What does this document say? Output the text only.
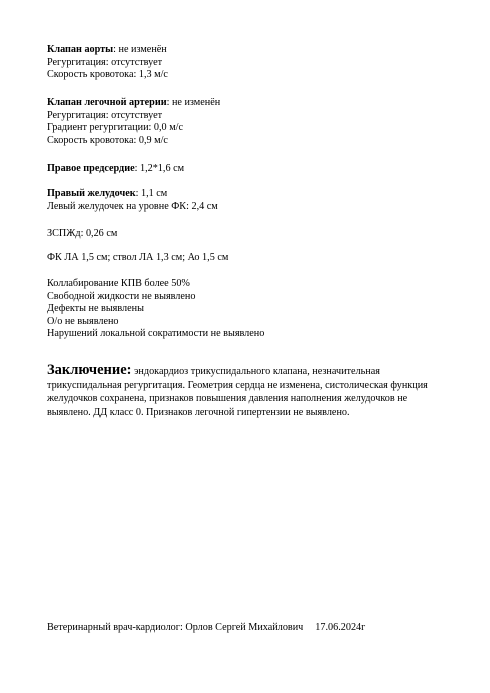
Клапан аорты: не изменён
Регургитация: отсутствует
Скорость кровотока: 1,3 м/с
Клапан легочной артерии: не изменён
Регургитация: отсутствует
Градиент регургитации: 0,0 м/с
Скорость кровотока: 0,9 м/с
Правое предсердие: 1,2*1,6 см
Правый желудочек: 1,1 см
Левый желудочек на уровне ФК: 2,4 см
ЗСПЖд: 0,26 см
ФК ЛА 1,5 см; ствол ЛА 1,3 см; Ао 1,5 см
Коллабирование КПВ более 50%
Свободной жидкости не выявлено
Дефекты не выявлены
О/о не выявлено
Нарушений локальной сократимости не выявлено
Заключение: эндокардиоз трикуспидального клапана, незначительная трикуспидальная регургитация. Геометрия сердца не изменена, систолическая функция желудочков сохранена, признаков повышения давления наполнения желудочков не выявлено. ДД класс 0. Признаков легочной гипертензии не выявлено.
Ветеринарный врач-кардиолог: Орлов Сергей Михайлович 17.06.2024г
